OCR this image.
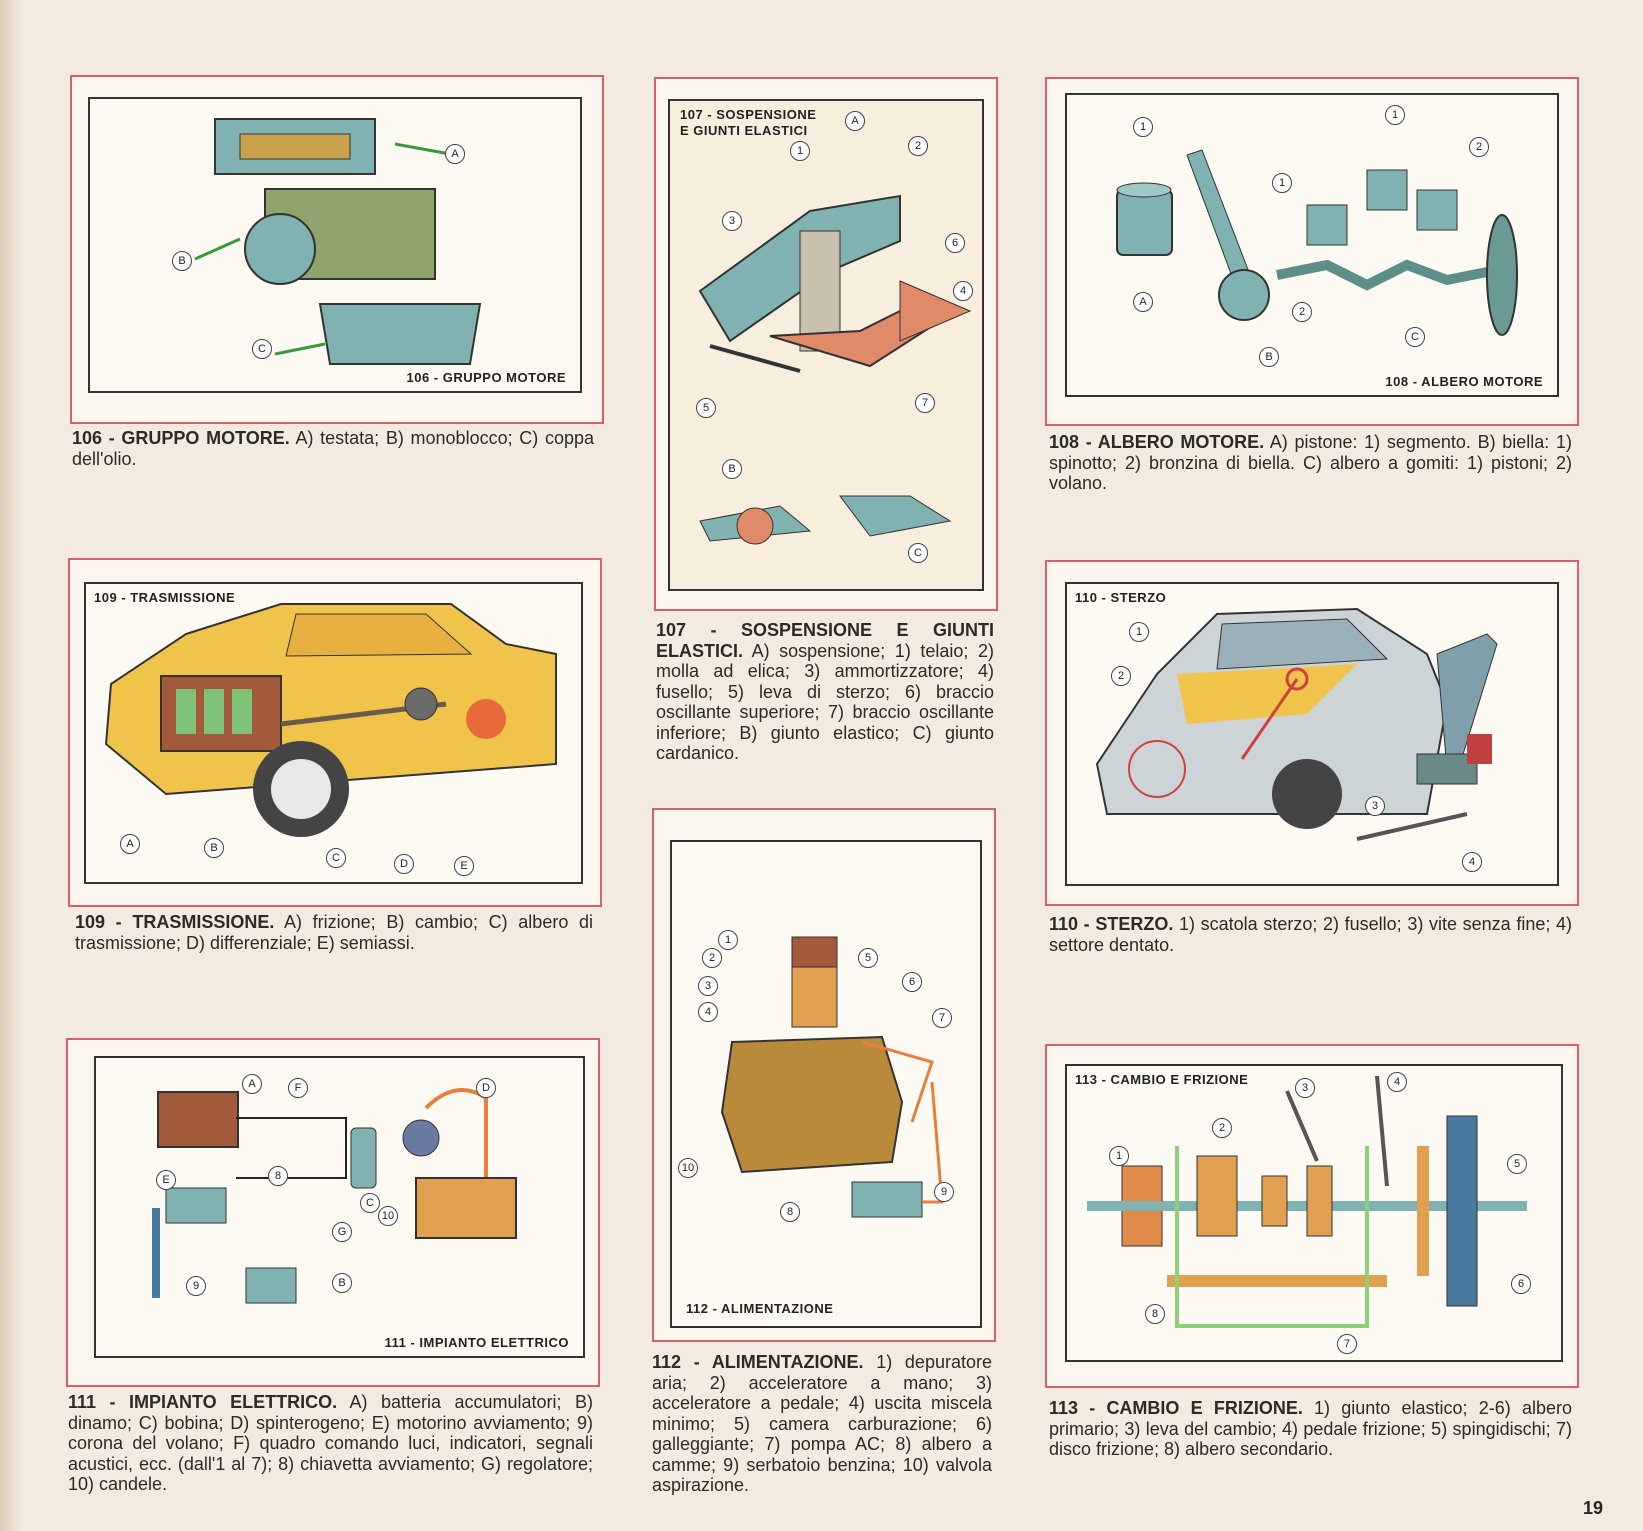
A
B
C
106 - GRUPPO MOTORE
106 - GRUPPO MOTORE. A) testata; B) monoblocco; C) coppa dell'olio.
107 - SOSPENSIONE
E GIUNTI ELASTICI
A
1	2
3
6
4
5	7
B
C
107 - SOSPENSIONE E GIUNTI ELASTICI. A) sospensione; 1) telaio; 2) molla ad elica; 3) ammortizzatore; 4) fusello; 5) leva di sterzo; 6) braccio oscillante superiore; 7) braccio oscillante inferiore; B) giunto elastico; C) giunto cardanico.
1
1
1
2
A
2
B
C
108 - ALBERO MOTORE
108 - ALBERO MOTORE. A) pistone: 1) segmento. B) biella: 1) spinotto; 2) bronzina di biella. C) albero a gomiti: 1) pistoni; 2) volano.
109 - TRASMISSIONE
A	B
C	D	E
109 - TRASMISSIONE. A) frizione; B) cambio; C) albero di trasmissione; D) differenziale; E) semiassi.
110 - STERZO
1
2
3
4
110 - STERZO. 1) scatola sterzo; 2) fusello; 3) vite senza fine; 4) settore dentato.
A	F	D
E
C
G
B
9
10
8
111 - IMPIANTO ELETTRICO
111 - IMPIANTO ELETTRICO. A) batteria accumulatori; B) dinamo; C) bobina; D) spinterogeno; E) motorino avviamento; 9) corona del volano; F) quadro comando luci, indicatori, segnali acustici, ecc. (dall'1 al 7); 8) chiavetta avviamento; G) regolatore; 10) candele.
1
2
3
4
5
6
7
8
9
10
112 - ALIMENTAZIONE
112 - ALIMENTAZIONE. 1) depuratore aria; 2) acceleratore a mano; 3) acceleratore a pedale; 4) uscita miscela minimo; 5) camera carburazione; 6) galleggiante; 7) pompa AC; 8) albero a camme; 9) serbatoio benzina; 10) valvola aspirazione.
113 - CAMBIO E FRIZIONE
1
2
3	4
5
6
7
8
113 - CAMBIO E FRIZIONE. 1) giunto elastico; 2-6) albero primario; 3) leva del cambio; 4) pedale frizione; 5) spingidischi; 7) disco frizione; 8) albero secondario.
19
